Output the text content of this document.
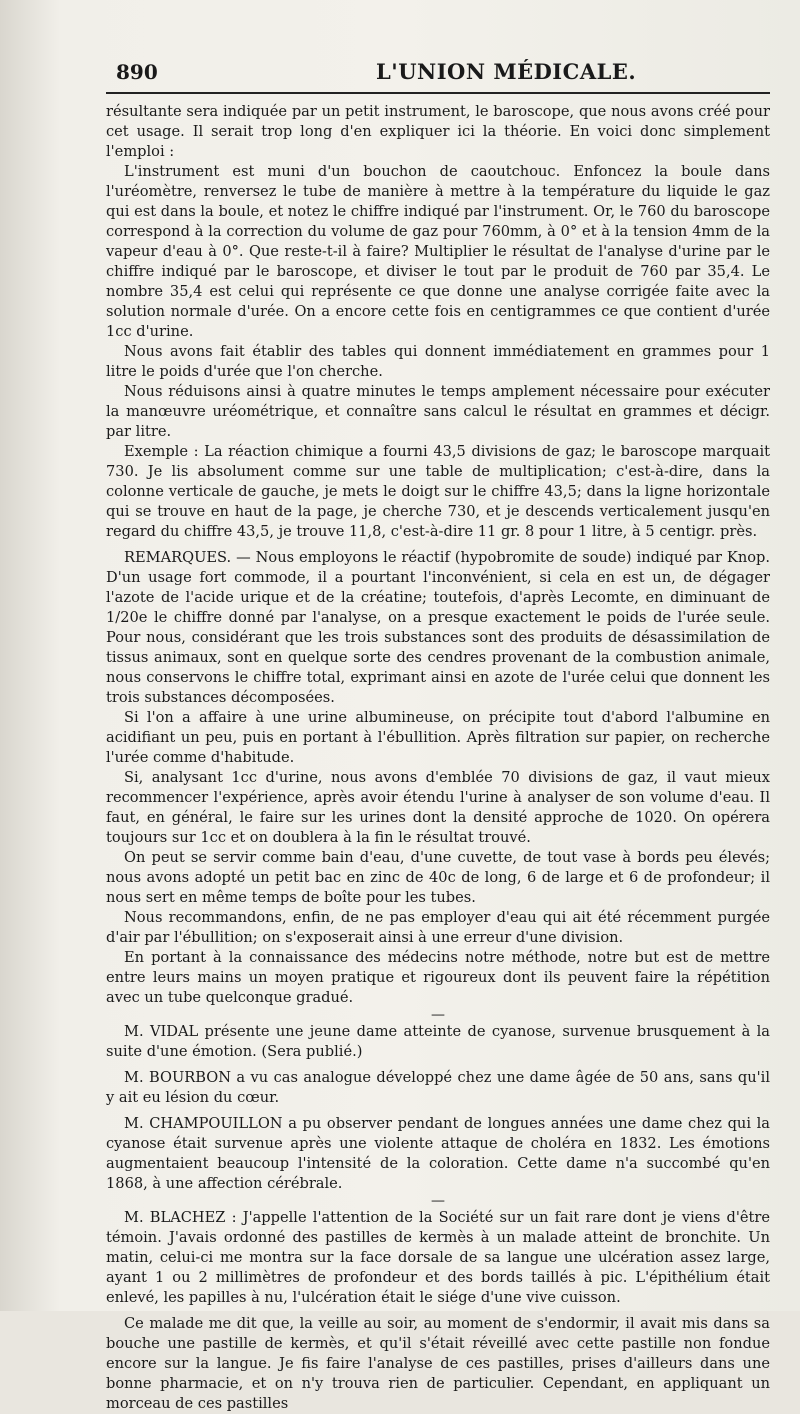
890	L'UNION MÉDICALE.

résultante sera indiquée par un petit instrument, le baroscope, que nous avons créé pour cet usage. Il serait trop long d'en expliquer ici la théorie. En voici donc simplement l'emploi :

L'instrument est muni d'un bouchon de caoutchouc. Enfoncez la boule dans l'uréomètre, renversez le tube de manière à mettre à la température du liquide le gaz qui est dans la boule, et notez le chiffre indiqué par l'instrument. Or, le 760 du baroscope correspond à la correction du volume de gaz pour 760mm, à 0° et à la tension 4mm de la vapeur d'eau à 0°. Que reste-t-il à faire? Multiplier le résultat de l'analyse d'urine par le chiffre indiqué par le baroscope, et diviser le tout par le produit de 760 par 35,4. Le nombre 35,4 est celui qui représente ce que donne une analyse corrigée faite avec la solution normale d'urée. On a encore cette fois en centigrammes ce que contient d'urée 1cc d'urine.

Nous avons fait établir des tables qui donnent immédiatement en grammes pour 1 litre le poids d'urée que l'on cherche.

Nous réduisons ainsi à quatre minutes le temps amplement nécessaire pour exécuter la manœuvre uréométrique, et connaître sans calcul le résultat en grammes et décigr. par litre.

Exemple : La réaction chimique a fourni 43,5 divisions de gaz; le baroscope marquait 730. Je lis absolument comme sur une table de multiplication; c'est-à-dire, dans la colonne verticale de gauche, je mets le doigt sur le chiffre 43,5; dans la ligne horizontale qui se trouve en haut de la page, je cherche 730, et je descends verticalement jusqu'en regard du chiffre 43,5, je trouve 11,8, c'est-à-dire 11 gr. 8 pour 1 litre, à 5 centigr. près.

REMARQUES. — Nous employons le réactif (hypobromite de soude) indiqué par Knop. D'un usage fort commode, il a pourtant l'inconvénient, si cela en est un, de dégager l'azote de l'acide urique et de la créatine; toutefois, d'après Lecomte, en diminuant de 1/20e le chiffre donné par l'analyse, on a presque exactement le poids de l'urée seule. Pour nous, considérant que les trois substances sont des produits de désassimilation de tissus animaux, sont en quelque sorte des cendres provenant de la combustion animale, nous conservons le chiffre total, exprimant ainsi en azote de l'urée celui que donnent les trois substances décomposées.

Si l'on a affaire à une urine albumineuse, on précipite tout d'abord l'albumine en acidifiant un peu, puis en portant à l'ébullition. Après filtration sur papier, on recherche l'urée comme d'habitude.

Si, analysant 1cc d'urine, nous avons d'emblée 70 divisions de gaz, il vaut mieux recommencer l'expérience, après avoir étendu l'urine à analyser de son volume d'eau. Il faut, en général, le faire sur les urines dont la densité approche de 1020. On opérera toujours sur 1cc et on doublera à la fin le résultat trouvé.

On peut se servir comme bain d'eau, d'une cuvette, de tout vase à bords peu élevés; nous avons adopté un petit bac en zinc de 40c de long, 6 de large et 6 de profondeur; il nous sert en même temps de boîte pour les tubes.

Nous recommandons, enfin, de ne pas employer d'eau qui ait été récemment purgée d'air par l'ébullition; on s'exposerait ainsi à une erreur d'une division.

En portant à la connaissance des médecins notre méthode, notre but est de mettre entre leurs mains un moyen pratique et rigoureux dont ils peuvent faire la répétition avec un tube quelconque gradué.

—

M. VIDAL présente une jeune dame atteinte de cyanose, survenue brusquement à la suite d'une émotion. (Sera publié.)

M. BOURBON a vu cas analogue développé chez une dame âgée de 50 ans, sans qu'il y ait eu lésion du cœur.

M. CHAMPOUILLON a pu observer pendant de longues années une dame chez qui la cyanose était survenue après une violente attaque de choléra en 1832. Les émotions augmentaient beaucoup l'intensité de la coloration. Cette dame n'a succombé qu'en 1868, à une affection cérébrale.

—

M. BLACHEZ : J'appelle l'attention de la Société sur un fait rare dont je viens d'être témoin. J'avais ordonné des pastilles de kermès à un malade atteint de bronchite. Un matin, celui-ci me montra sur la face dorsale de sa langue une ulcération assez large, ayant 1 ou 2 millimètres de profondeur et des bords taillés à pic. L'épithélium était enlevé, les papilles à nu, l'ulcération était le siége d'une vive cuisson.

Ce malade me dit que, la veille au soir, au moment de s'endormir, il avait mis dans sa bouche une pastille de kermès, et qu'il s'était réveillé avec cette pastille non fondue encore sur la langue. Je fis faire l'analyse de ces pastilles, prises d'ailleurs dans une bonne pharmacie, et on n'y trouva rien de particulier. Cependant, en appliquant un morceau de ces pastilles
